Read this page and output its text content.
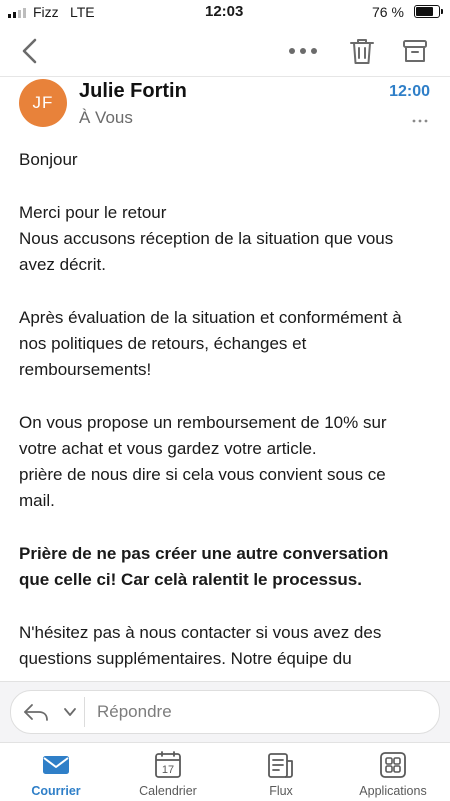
Fizz LTE	12:03	76 %
JF
Julie Fortin
À Vous
12:00

Bonjour

Merci pour le retour
Nous accusons réception de la situation que vous
avez décrit.

Après évaluation de la situation et conformément à
nos politiques de retours, échanges et
remboursements!

On vous propose un remboursement de 10% sur
votre achat et vous gardez votre article.
prière de nous dire si cela vous convient sous ce
mail.

Prière de ne pas créer une autre conversation
que celle ci! Car celà ralentit le processus.

N'hésitez pas à nous contacter si vous avez des
questions supplémentaires. Notre équipe du

Répondre
Courrier
17
Calendrier	Flux	Applications
